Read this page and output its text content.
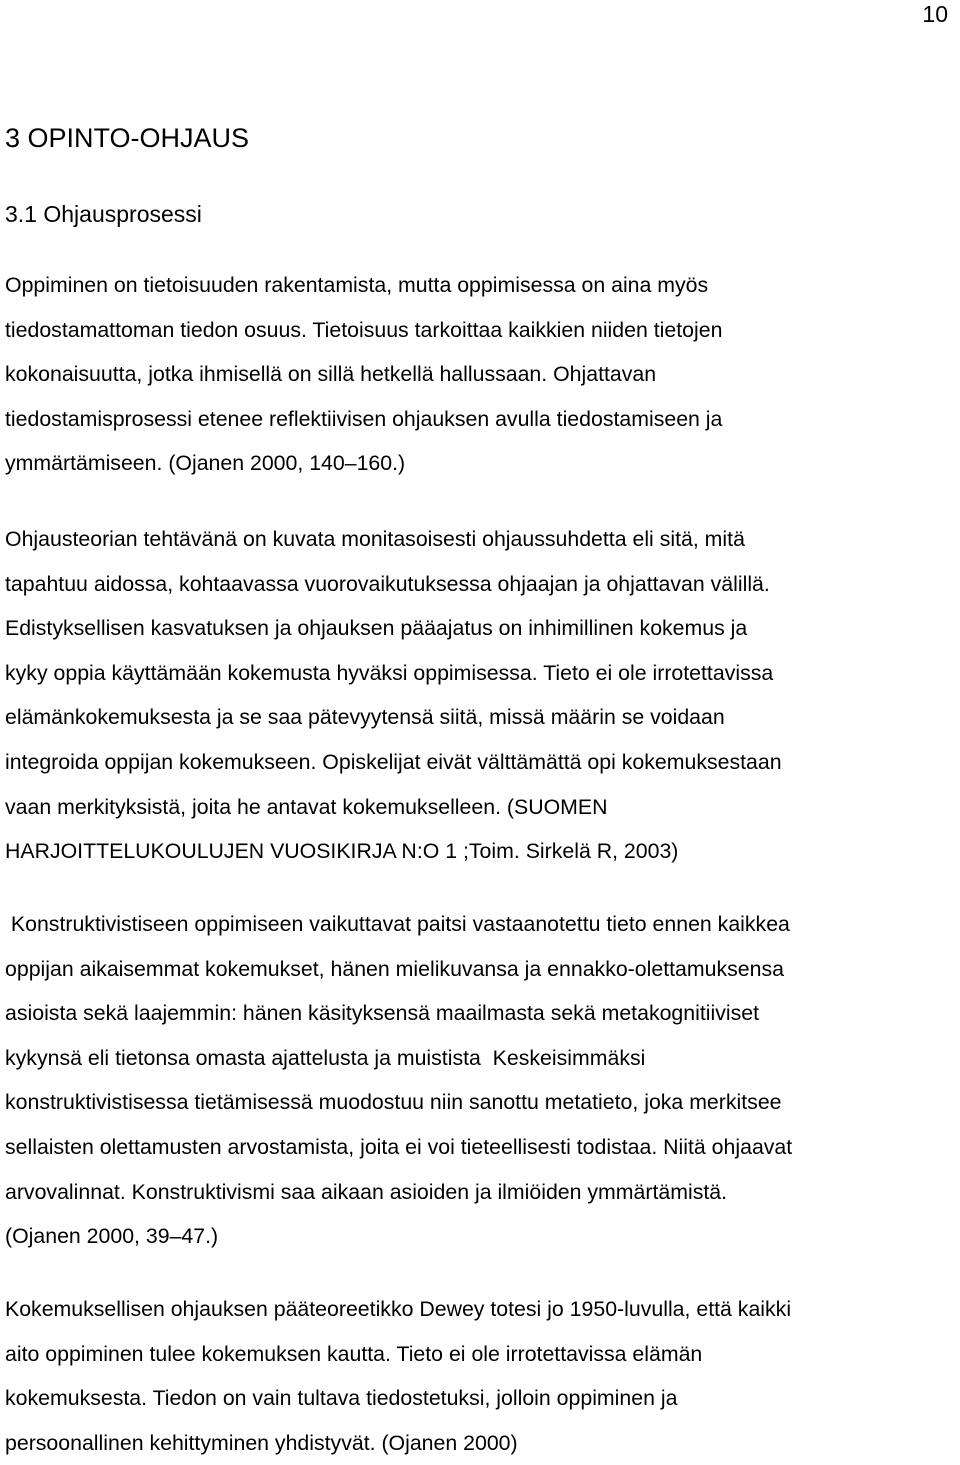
10
3 OPINTO-OHJAUS
3.1 Ohjausprosessi

Oppiminen on tietoisuuden rakentamista, mutta oppimisessa on aina myös
tiedostamattoman tiedon osuus. Tietoisuus tarkoittaa kaikkien niiden tietojen
kokonaisuutta, jotka ihmisellä on sillä hetkellä hallussaan. Ohjattavan
tiedostamisprosessi etenee reflektiivisen ohjauksen avulla tiedostamiseen ja
ymmärtämiseen. (Ojanen 2000, 140–160.)

Ohjausteorian tehtävänä on kuvata monitasoisesti ohjaussuhdetta eli sitä, mitä
tapahtuu aidossa, kohtaavassa vuorovaikutuksessa ohjaajan ja ohjattavan välillä.
Edistyksellisen kasvatuksen ja ohjauksen pääajatus on inhimillinen kokemus ja
kyky oppia käyttämään kokemusta hyväksi oppimisessa. Tieto ei ole irrotettavissa
elämänkokemuksesta ja se saa pätevyytensä siitä, missä määrin se voidaan
integroida oppijan kokemukseen. Opiskelijat eivät välttämättä opi kokemuksestaan
vaan merkityksistä, joita he antavat kokemukselleen. (SUOMEN
HARJOITTELUKOULUJEN VUOSIKIRJA N:O 1 ;Toim. Sirkelä R, 2003)

Konstruktivistiseen oppimiseen vaikuttavat paitsi vastaanotettu tieto ennen kaikkea
oppijan aikaisemmat kokemukset, hänen mielikuvansa ja ennakko-olettamuksensa
asioista sekä laajemmin: hänen käsityksensä maailmasta sekä metakognitiiviset
kykynsä eli tietonsa omasta ajattelusta ja muistista  Keskeisimmäksi
konstruktivistisessa tietämisessä muodostuu niin sanottu metatieto, joka merkitsee
sellaisten olettamusten arvostamista, joita ei voi tieteellisesti todistaa. Niitä ohjaavat
arvovalinnat. Konstruktivismi saa aikaan asioiden ja ilmiöiden ymmärtämistä.
(Ojanen 2000, 39–47.)

Kokemuksellisen ohjauksen pääteoreetikko Dewey totesi jo 1950-luvulla, että kaikki
aito oppiminen tulee kokemuksen kautta. Tieto ei ole irrotettavissa elämän
kokemuksesta. Tiedon on vain tultava tiedostetuksi, jolloin oppiminen ja
persoonallinen kehittyminen yhdistyvät. (Ojanen 2000)
